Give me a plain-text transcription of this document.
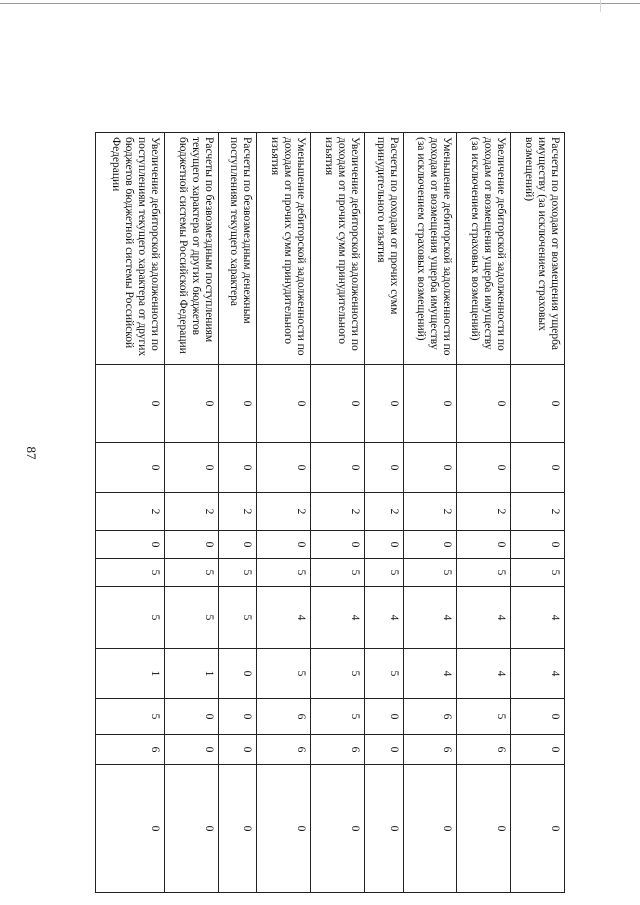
87
Расчеты по доходам от возмещения ущерба имуществу (за исключением страховых возмещений)	0	0	2	0	5	4	4	0	0	0
Увеличение дебиторской задолженности по доходам от возмещения ущерба имуществу (за исключением страховых возмещений)	0	0	2	0	5	4	4	5	6	0
Уменьшение дебиторской задолженности по доходам от возмещения ущерба имуществу (за исключением страховых возмещений)	0	0	2	0	5	4	4	6	6	0
Расчеты по доходам от прочих сумм принудительного изъятия	0	0	2	0	5	4	5	0	0	0
Увеличение дебиторской задолженности по доходам от прочих сумм принудительного изъятия	0	0	2	0	5	4	5	5	6	0
Уменьшение дебиторской задолженности по доходам от прочих сумм принудительного изъятия	0	0	2	0	5	4	5	6	6	0
Расчеты по безвозмездным денежным поступлениям текущего характера	0	0	2	0	5	5	0	0	0	0
Расчеты по безвозмездным поступлениям текущего характера от других бюджетов бюджетной системы Российской Федерации	0	0	2	0	5	5	1	0	0	0
Увеличение дебиторской задолженности по поступлениям текущего характера от других бюджетов бюджетной системы Российской Федерации	0	0	2	0	5	5	1	5	6	0
